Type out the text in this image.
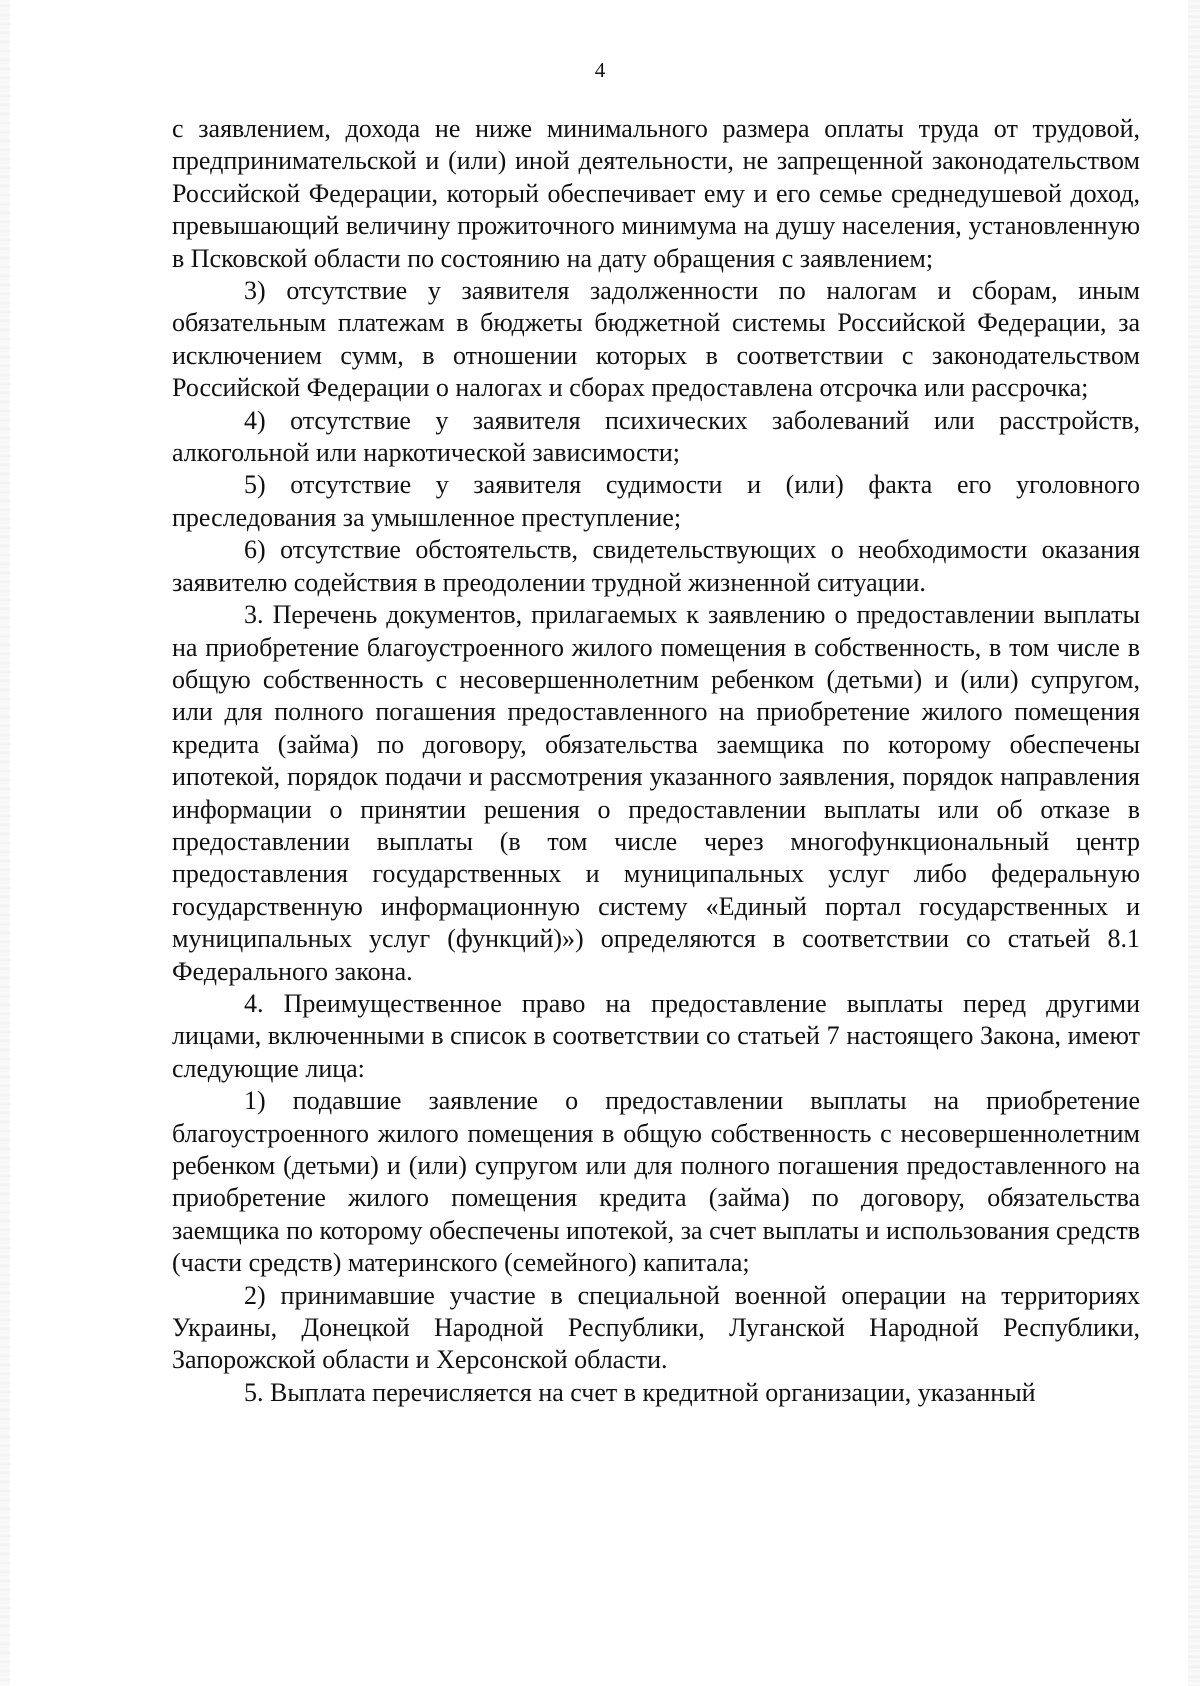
4

с заявлением, дохода не ниже минимального размера оплаты труда от трудовой, предпринимательской и (или) иной деятельности, не запрещенной законодательством Российской Федерации, который обеспечивает ему и его семье среднедушевой доход, превышающий величину прожиточного минимума на душу населения, установленную в Псковской области по состоянию на дату обращения с заявлением;

3) отсутствие у заявителя задолженности по налогам и сборам, иным обязательным платежам в бюджеты бюджетной системы Российской Федерации, за исключением сумм, в отношении которых в соответствии с законодательством Российской Федерации о налогах и сборах предоставлена отсрочка или рассрочка;

4) отсутствие у заявителя психических заболеваний или расстройств, алкогольной или наркотической зависимости;

5) отсутствие у заявителя судимости и (или) факта его уголовного преследования за умышленное преступление;

6) отсутствие обстоятельств, свидетельствующих о необходимости оказания заявителю содействия в преодолении трудной жизненной ситуации.

3. Перечень документов, прилагаемых к заявлению о предоставлении выплаты на приобретение благоустроенного жилого помещения в собственность, в том числе в общую собственность с несовершеннолетним ребенком (детьми) и (или) супругом, или для полного погашения предоставленного на приобретение жилого помещения кредита (займа) по договору, обязательства заемщика по которому обеспечены ипотекой, порядок подачи и рассмотрения указанного заявления, порядок направления информации о принятии решения о предоставлении выплаты или об отказе в предоставлении выплаты (в том числе через многофункциональный центр предоставления государственных и муниципальных услуг либо федеральную государственную информационную систему «Единый портал государственных и муниципальных услуг (функций)») определяются в соответствии со статьей 8.1 Федерального закона.

4. Преимущественное право на предоставление выплаты перед другими лицами, включенными в список в соответствии со статьей 7 настоящего Закона, имеют следующие лица:

1) подавшие заявление о предоставлении выплаты на приобретение благоустроенного жилого помещения в общую собственность с несовершеннолетним ребенком (детьми) и (или) супругом или для полного погашения предоставленного на приобретение жилого помещения кредита (займа) по договору, обязательства заемщика по которому обеспечены ипотекой, за счет выплаты и использования средств (части средств) материнского (семейного) капитала;

2) принимавшие участие в специальной военной операции на территориях Украины, Донецкой Народной Республики, Луганской Народной Республики, Запорожской области и Херсонской области.

5. Выплата перечисляется на счет в кредитной организации, указанный
